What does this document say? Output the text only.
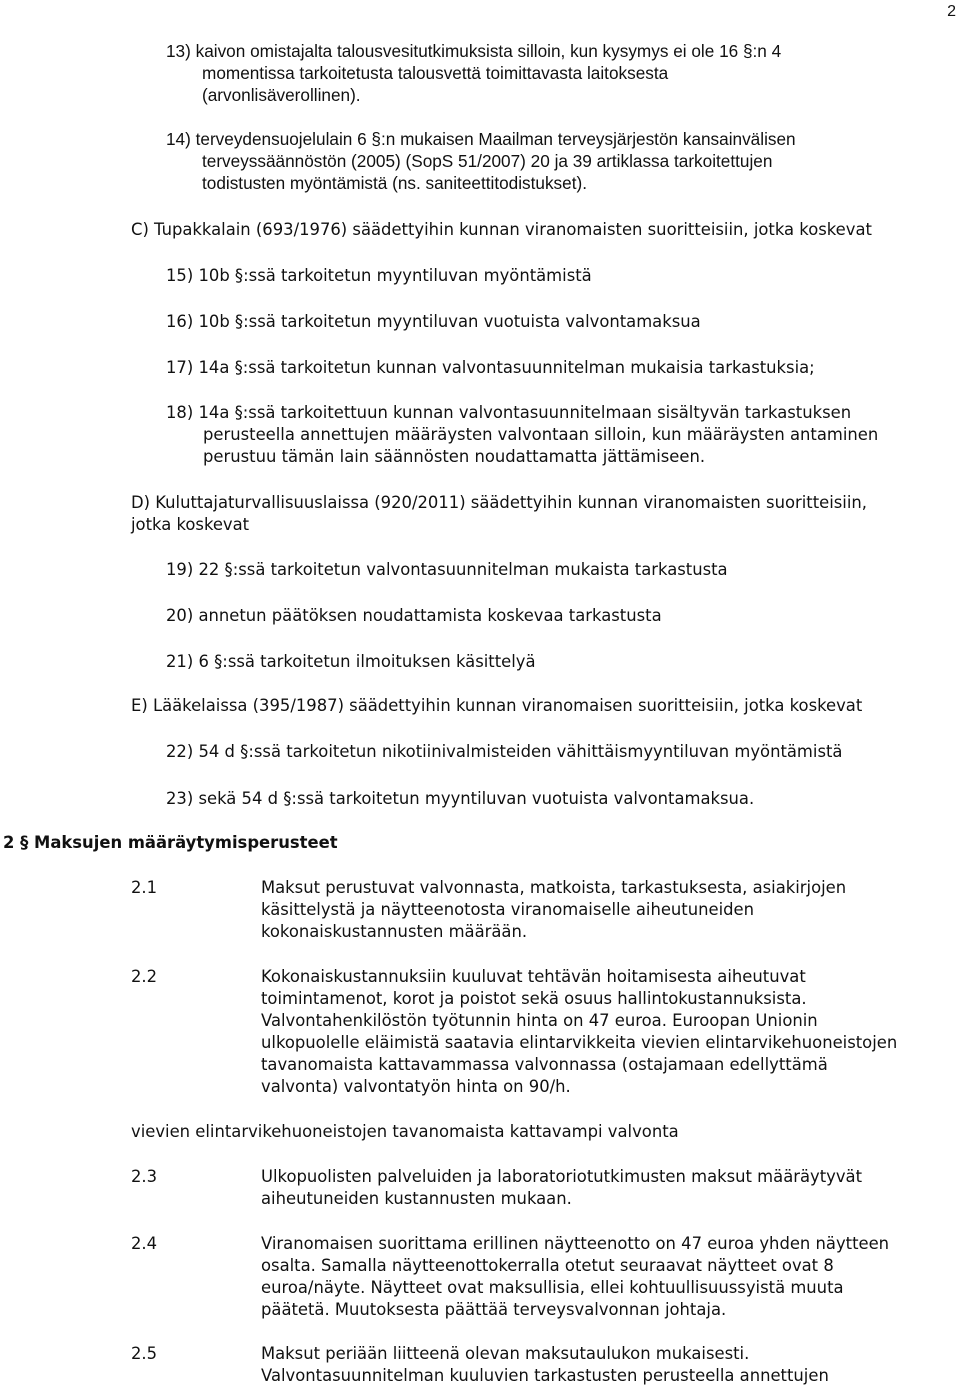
2
13) kaivon omistajalta talousvesitutkimuksista silloin, kun kysymys ei ole 16 §:n 4
momentissa tarkoitetusta talousvettä toimittavasta laitoksesta
(arvonlisäverollinen).
14) terveydensuojelulain 6 §:n mukaisen Maailman terveysjärjestön kansainvälisen
terveyssäännöstön (2005) (SopS 51/2007) 20 ja 39 artiklassa tarkoitettujen
todistusten myöntämistä (ns. saniteettitodistukset).
C) Tupakkalain (693/1976) säädettyihin kunnan viranomaisten suoritteisiin, jotka koskevat
15) 10b §:ssä tarkoitetun myyntiluvan myöntämistä
16) 10b §:ssä tarkoitetun myyntiluvan vuotuista valvontamaksua
17) 14a §:ssä tarkoitetun kunnan valvontasuunnitelman mukaisia tarkastuksia;
18) 14a §:ssä tarkoitettuun kunnan valvontasuunnitelmaan sisältyvän tarkastuksen
perusteella annettujen määräysten valvontaan silloin, kun määräysten antaminen
perustuu tämän lain säännösten noudattamatta jättämiseen.
D) Kuluttajaturvallisuuslaissa (920/2011) säädettyihin kunnan viranomaisten suoritteisiin,
jotka koskevat
19) 22 §:ssä tarkoitetun valvontasuunnitelman mukaista tarkastusta
20) annetun päätöksen noudattamista koskevaa tarkastusta
21) 6 §:ssä tarkoitetun ilmoituksen käsittelyä
E) Lääkelaissa (395/1987) säädettyihin kunnan viranomaisen suoritteisiin, jotka koskevat
22) 54 d §:ssä tarkoitetun nikotiinivalmisteiden vähittäismyyntiluvan myöntämistä
23) sekä 54 d §:ssä tarkoitetun myyntiluvan vuotuista valvontamaksua.
2 § Maksujen määräytymisperusteet
2.1	Maksut perustuvat valvonnasta, matkoista, tarkastuksesta, asiakirjojen
käsittelystä ja näytteenotosta viranomaiselle aiheutuneiden
kokonaiskustannusten määrään.
2.2	Kokonaiskustannuksiin kuuluvat tehtävän hoitamisesta aiheutuvat
toimintamenot, korot ja poistot sekä osuus hallintokustannuksista.
Valvontahenkilöstön työtunnin hinta on 47 euroa. Euroopan Unionin
ulkopuolelle eläimistä saatavia elintarvikkeita vievien elintarvikehuoneistojen
tavanomaista kattavammassa valvonnassa (ostajamaan edellyttämä
valvonta) valvontatyön hinta on 90/h.
vievien elintarvikehuoneistojen tavanomaista kattavampi valvonta
2.3	Ulkopuolisten palveluiden ja laboratoriotutkimusten maksut määräytyvät
aiheutuneiden kustannusten mukaan.
2.4	Viranomaisen suorittama erillinen näytteenotto on 47 euroa yhden näytteen
osalta. Samalla näytteenottokerralla otetut seuraavat näytteet ovat 8
euroa/näyte. Näytteet ovat maksullisia, ellei kohtuullisuussyistä muuta
päätetä. Muutoksesta päättää terveysvalvonnan johtaja.
2.5	Maksut periään liitteenä olevan maksutaulukon mukaisesti.
Valvontasuunnitelman kuuluvien tarkastusten perusteella annettujen
